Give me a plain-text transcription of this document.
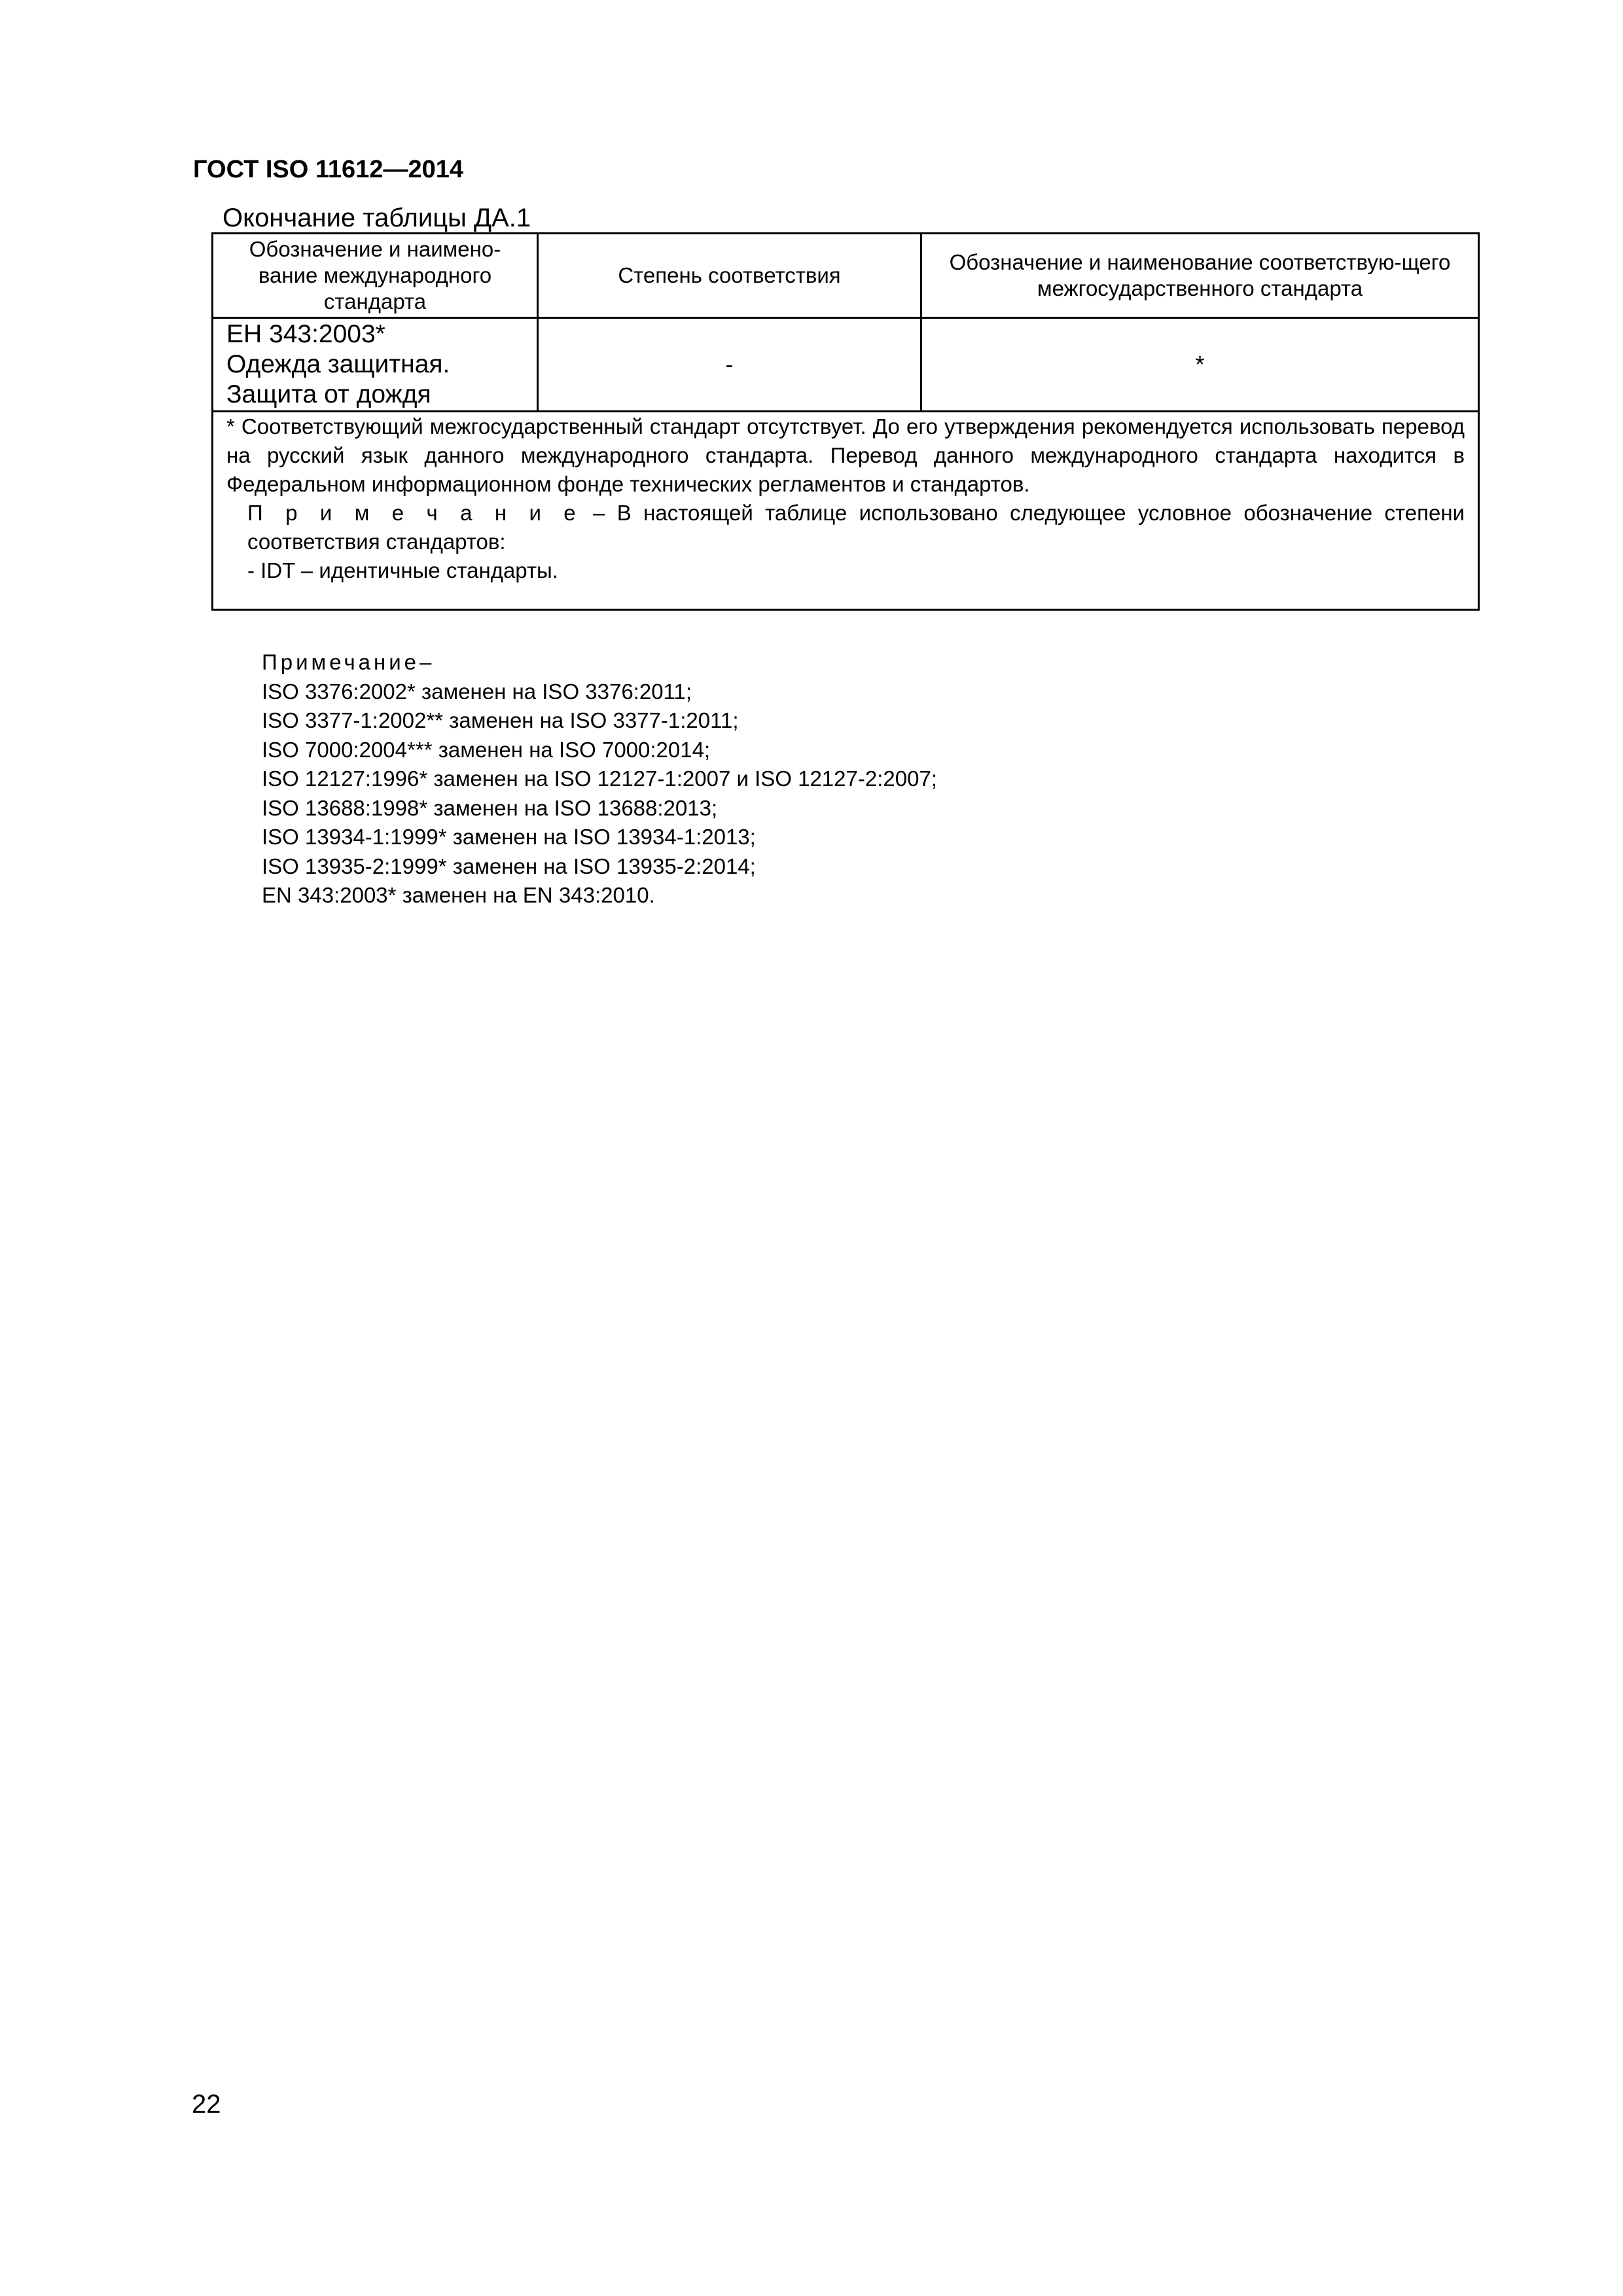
ГОСТ ISO 11612—2014
Окончание таблицы ДА.1
Обозначение и наимено-вание международного стандарта	Степень соответствия	Обозначение и наименование соответствую-щего межгосударственного стандарта

ЕН 343:2003*
Одежда защитная.
Защита от дождя	-	*

* Соответствующий межгосударственный стандарт отсутствует. До его утверждения рекомендуется использовать перевод на русский язык данного международного стандарта. Перевод данного международного стандарта находится в Федеральном информационном фонде технических регламентов и стандартов.

П р и м е ч а н и е – В настоящей таблице использовано следующее условное обозначение степени соответствия стандартов:

- IDT – идентичные стандарты.		

Примечание–
ISO 3376:2002* заменен на ISO 3376:2011;
ISO 3377-1:2002** заменен на ISO 3377-1:2011;
ISO 7000:2004*** заменен на ISO 7000:2014;
ISO 12127:1996* заменен на ISO 12127-1:2007 и ISO 12127-2:2007;
ISO 13688:1998* заменен на ISO 13688:2013;
ISO 13934-1:1999* заменен на ISO 13934-1:2013;
ISO 13935-2:1999* заменен на ISO 13935-2:2014;
EN 343:2003* заменен на EN 343:2010.
22
